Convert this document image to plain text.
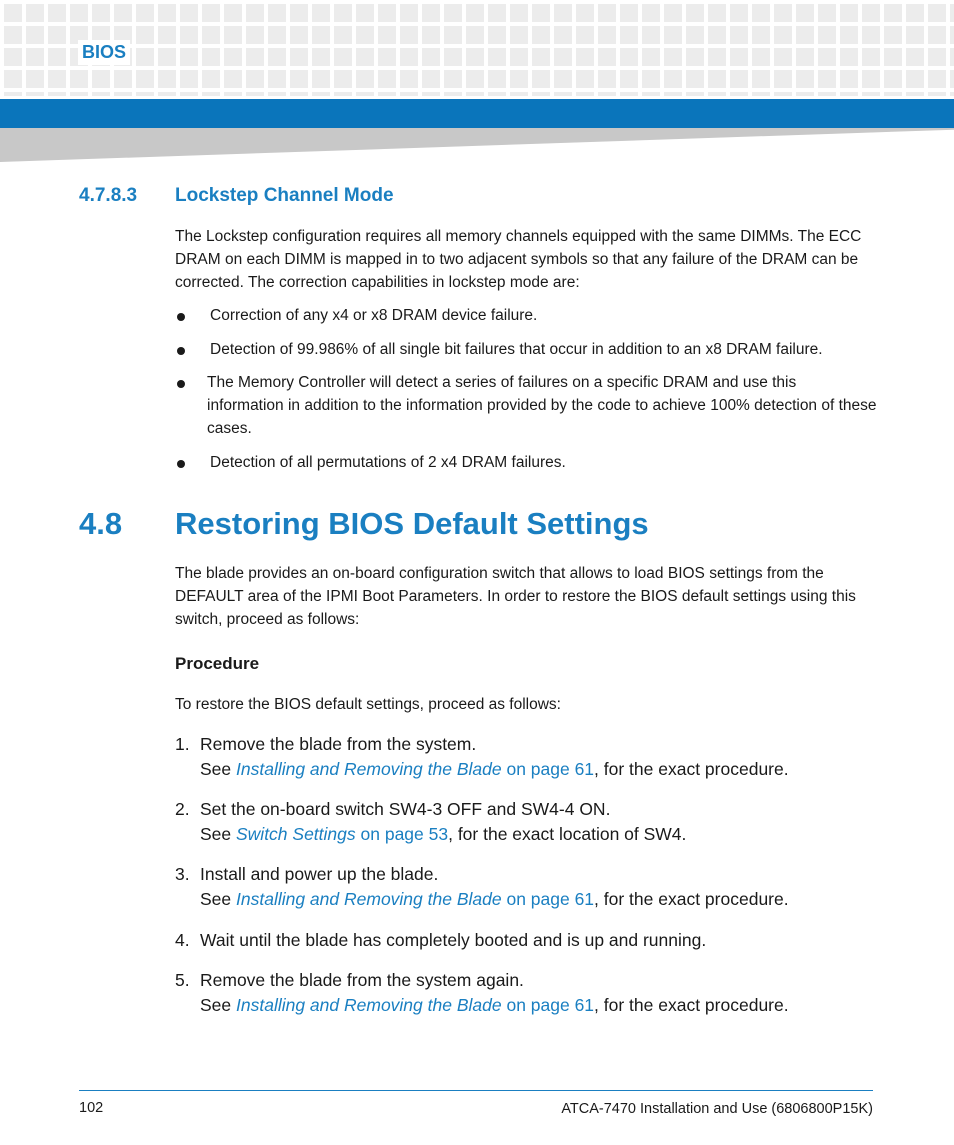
BIOS
4.7.8.3 Lockstep Channel Mode
The Lockstep configuration requires all memory channels equipped with the same DIMMs. The ECC DRAM on each DIMM is mapped in to two adjacent symbols so that any failure of the DRAM can be corrected. The correction capabilities in lockstep mode are:
Correction of any x4 or x8 DRAM device failure.
Detection of 99.986% of all single bit failures that occur in addition to an x8 DRAM failure.
The Memory Controller will detect a series of failures on a specific DRAM and use this information in addition to the information provided by the code to achieve 100% detection of these cases.
Detection of all permutations of 2 x4 DRAM failures.
4.8 Restoring BIOS Default Settings
The blade provides an on-board configuration switch that allows to load BIOS settings from the DEFAULT area of the IPMI Boot Parameters. In order to restore the BIOS default settings using this switch, proceed as follows:
Procedure
To restore the BIOS default settings, proceed as follows:
1. Remove the blade from the system.
See Installing and Removing the Blade on page 61, for the exact procedure.
2. Set the on-board switch SW4-3 OFF and SW4-4 ON.
See Switch Settings on page 53, for the exact location of SW4.
3. Install and power up the blade.
See Installing and Removing the Blade on page 61, for the exact procedure.
4. Wait until the blade has completely booted and is up and running.
5. Remove the blade from the system again.
See Installing and Removing the Blade on page 61, for the exact procedure.
102	ATCA-7470 Installation and Use (6806800P15K)
